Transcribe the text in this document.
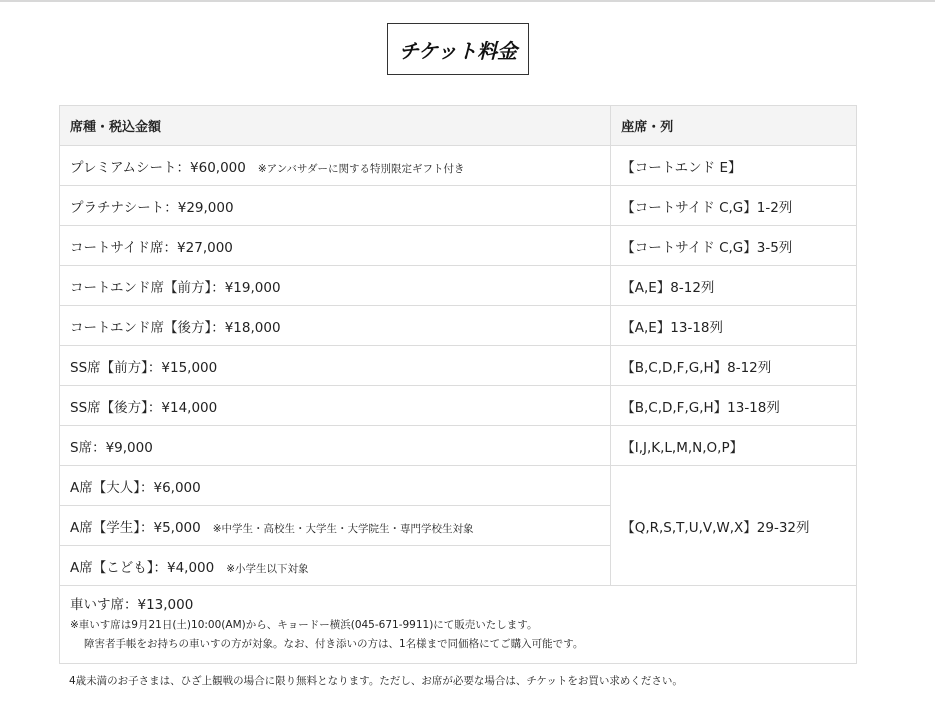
チケット料金
席種・税込金額	座席・列
プレミアムシート：¥60,000 ※アンバサダーに関する特別限定ギフト付き	【コートエンド E】
プラチナシート：¥29,000	【コートサイド C,G】1-2列
コートサイド席：¥27,000	【コートサイド C,G】3-5列
コートエンド席【前方】：¥19,000	【A,E】8-12列
コートエンド席【後方】：¥18,000	【A,E】13-18列
SS席【前方】：¥15,000	【B,C,D,F,G,H】8-12列
SS席【後方】：¥14,000	【B,C,D,F,G,H】13-18列
S席：¥9,000	【I,J,K,L,M,N,O,P】
A席【大人】：¥6,000	【Q,R,S,T,U,V,W,X】29-32列
A席【学生】：¥5,000 ※中学生・高校生・大学生・大学院生・専門学校生対象	
A席【こども】：¥4,000 ※小学生以下対象	

車いす席：¥13,000
※車いす席は9月21日(土)10:00(AM)から、キョードー横浜(045-671-9911)にて販売いたします。
障害者手帳をお持ちの車いすの方が対象。なお、付き添いの方は、1名様まで同価格にてご購入可能です。	
4歳未満のお子さまは、ひざ上観戦の場合に限り無料となります。ただし、お席が必要な場合は、チケットをお買い求めください。
